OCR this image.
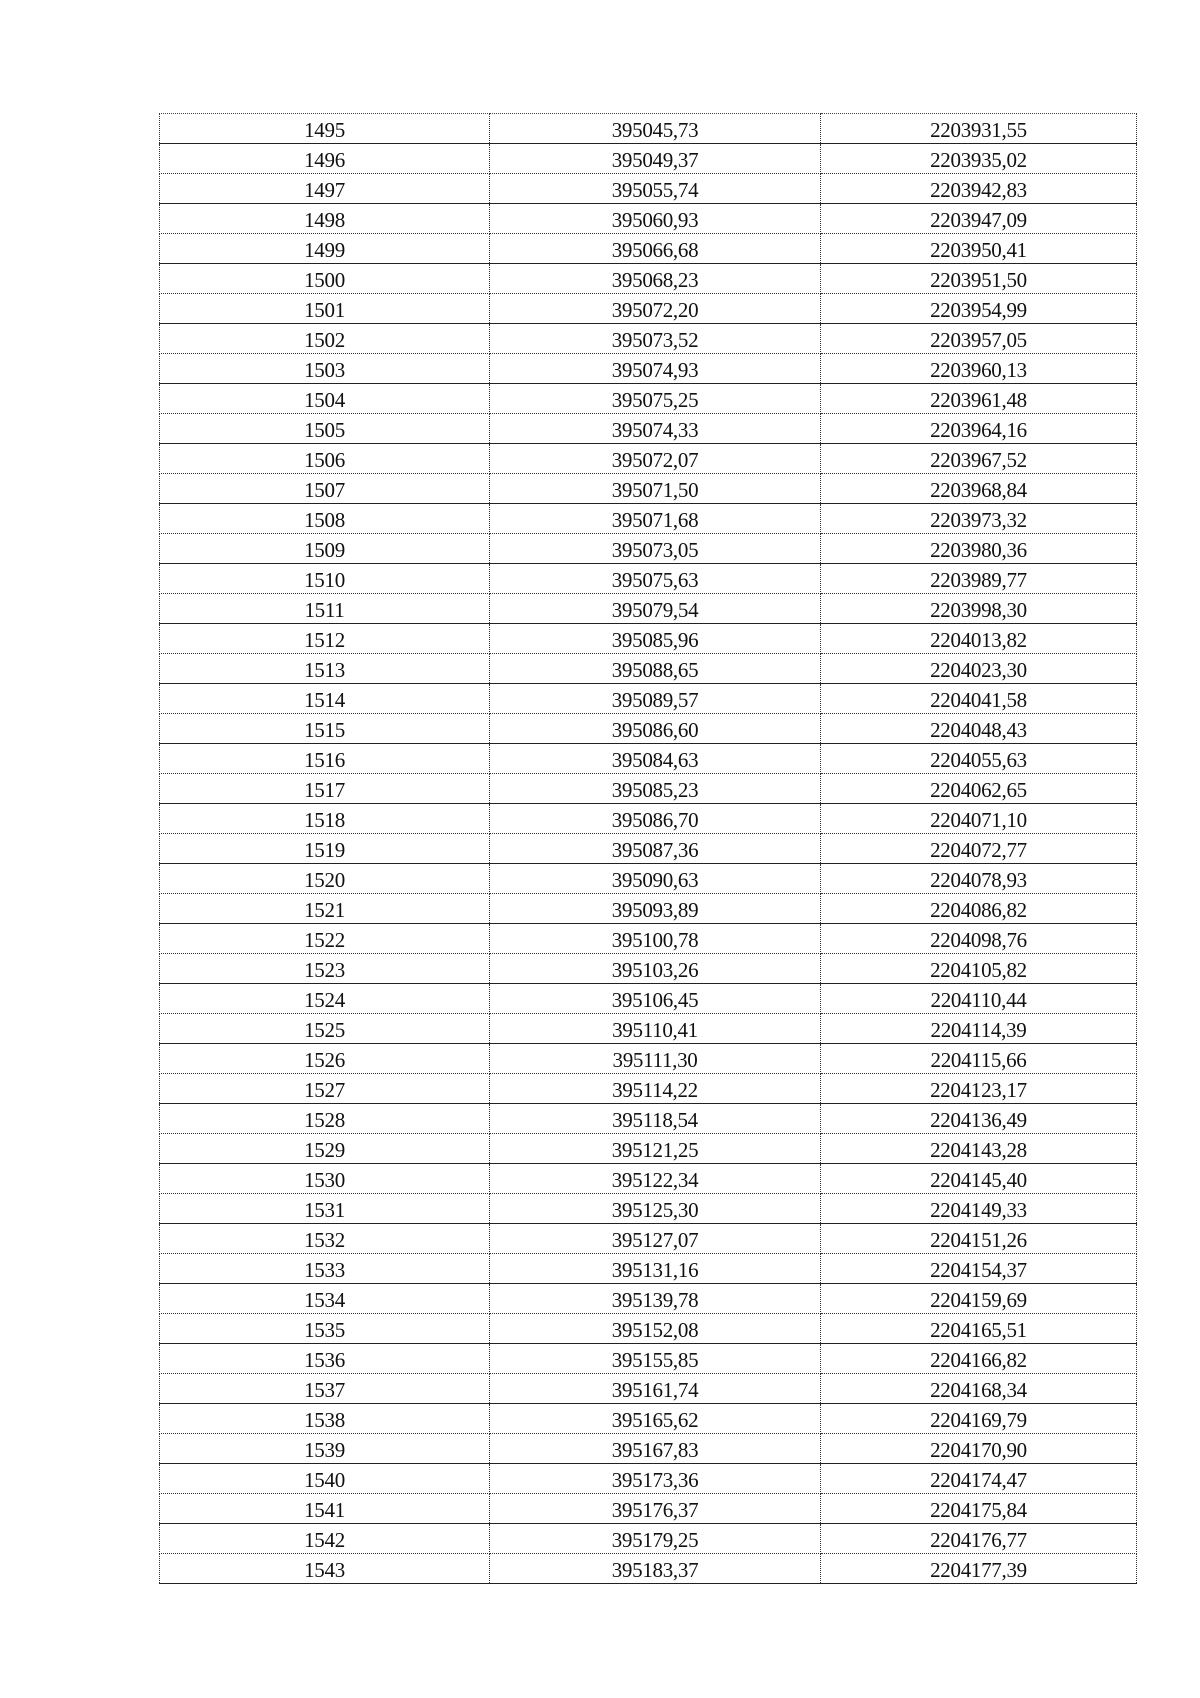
1495	395045,73	2203931,55
1496	395049,37	2203935,02
1497	395055,74	2203942,83
1498	395060,93	2203947,09
1499	395066,68	2203950,41
1500	395068,23	2203951,50
1501	395072,20	2203954,99
1502	395073,52	2203957,05
1503	395074,93	2203960,13
1504	395075,25	2203961,48
1505	395074,33	2203964,16
1506	395072,07	2203967,52
1507	395071,50	2203968,84
1508	395071,68	2203973,32
1509	395073,05	2203980,36
1510	395075,63	2203989,77
1511	395079,54	2203998,30
1512	395085,96	2204013,82
1513	395088,65	2204023,30
1514	395089,57	2204041,58
1515	395086,60	2204048,43
1516	395084,63	2204055,63
1517	395085,23	2204062,65
1518	395086,70	2204071,10
1519	395087,36	2204072,77
1520	395090,63	2204078,93
1521	395093,89	2204086,82
1522	395100,78	2204098,76
1523	395103,26	2204105,82
1524	395106,45	2204110,44
1525	395110,41	2204114,39
1526	395111,30	2204115,66
1527	395114,22	2204123,17
1528	395118,54	2204136,49
1529	395121,25	2204143,28
1530	395122,34	2204145,40
1531	395125,30	2204149,33
1532	395127,07	2204151,26
1533	395131,16	2204154,37
1534	395139,78	2204159,69
1535	395152,08	2204165,51
1536	395155,85	2204166,82
1537	395161,74	2204168,34
1538	395165,62	2204169,79
1539	395167,83	2204170,90
1540	395173,36	2204174,47
1541	395176,37	2204175,84
1542	395179,25	2204176,77
1543	395183,37	2204177,39
